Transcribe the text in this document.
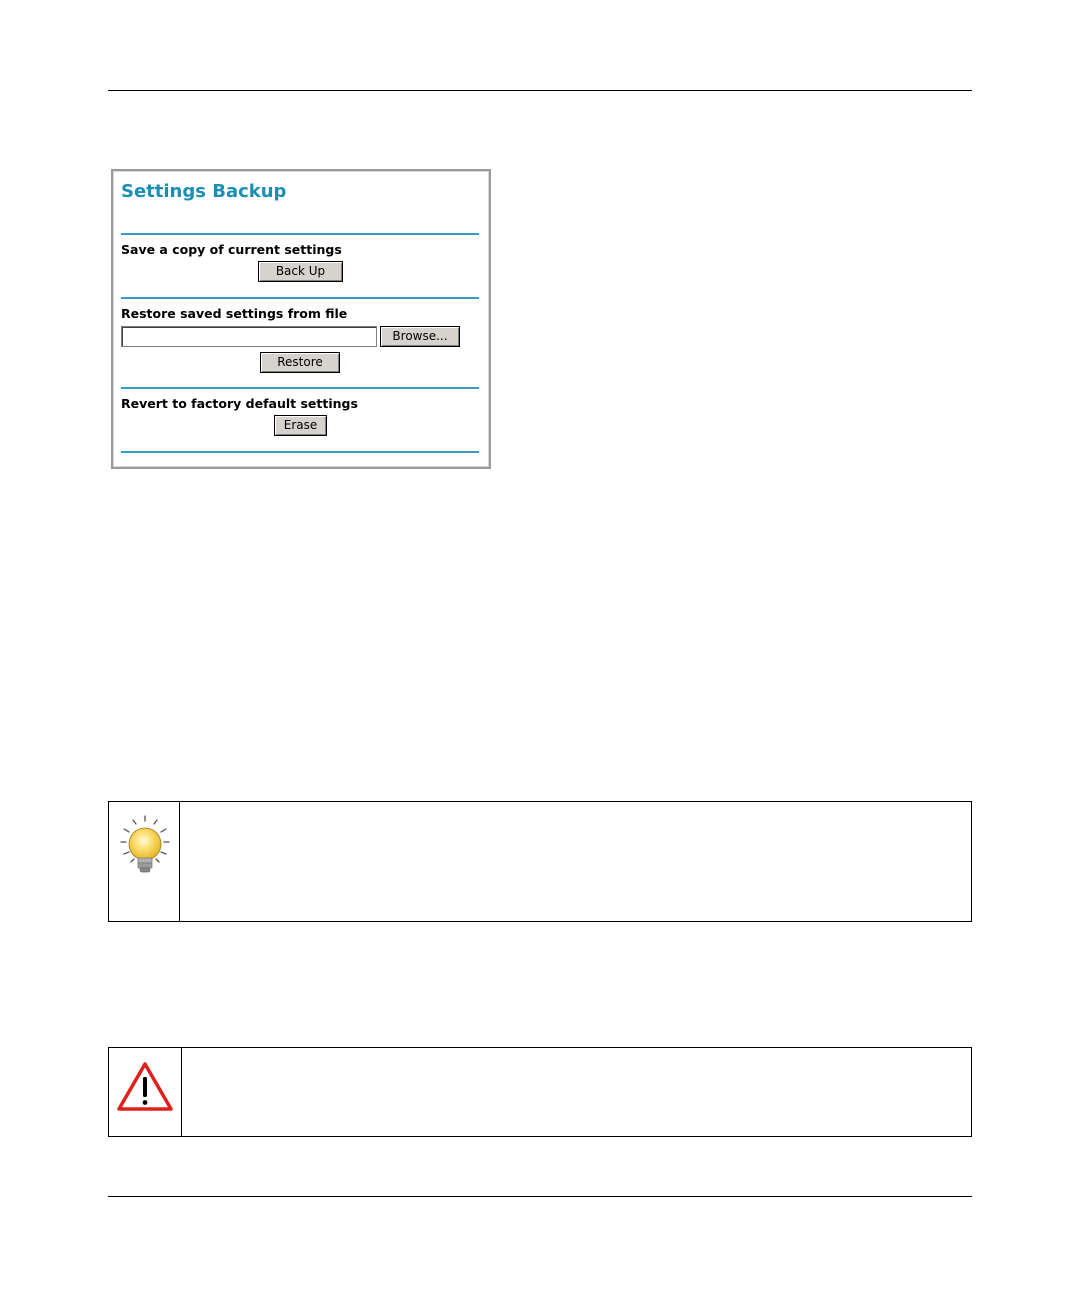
Settings Backup
Save a copy of current settings
Back Up
Restore saved settings from file
Browse...
Restore
Revert to factory default settings
Erase
